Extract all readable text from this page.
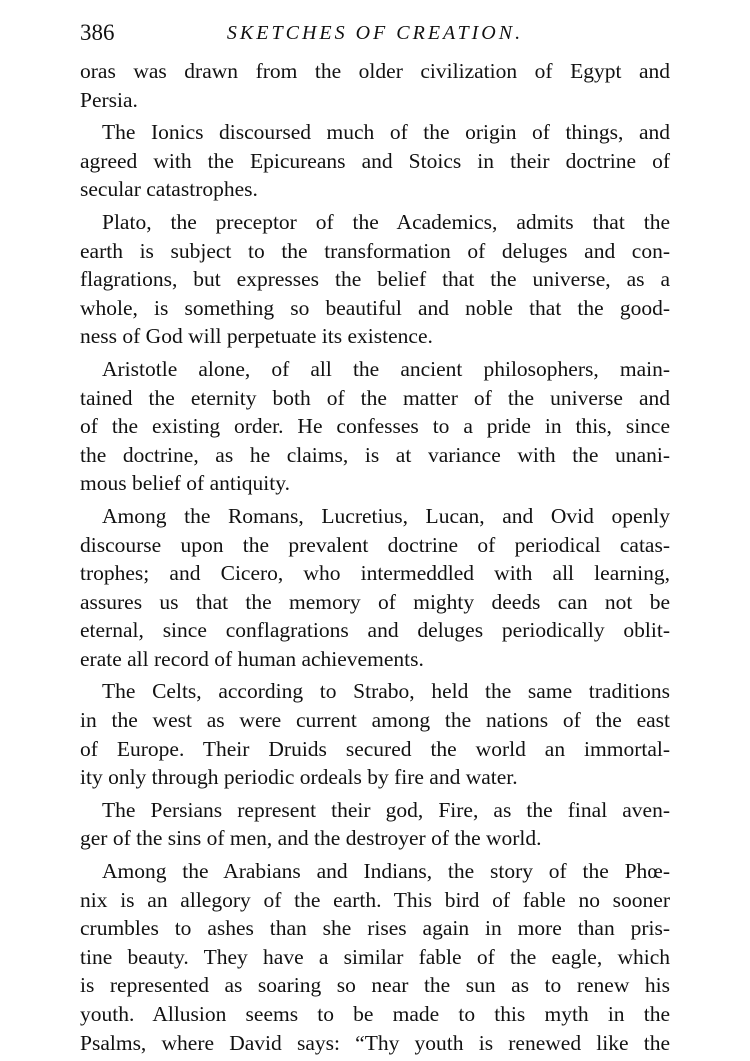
386	SKETCHES OF CREATION.
oras was drawn from the older civilization of Egypt and
Persia.
The Ionics discoursed much of the origin of things, and
agreed with the Epicureans and Stoics in their doctrine of
secular catastrophes.
Plato, the preceptor of the Academics, admits that the
earth is subject to the transformation of deluges and con-
flagrations, but expresses the belief that the universe, as a
whole, is something so beautiful and noble that the good-
ness of God will perpetuate its existence.
Aristotle alone, of all the ancient philosophers, main-
tained the eternity both of the matter of the universe and
of the existing order. He confesses to a pride in this, since
the doctrine, as he claims, is at variance with the unani-
mous belief of antiquity.
Among the Romans, Lucretius, Lucan, and Ovid openly
discourse upon the prevalent doctrine of periodical catas-
trophes; and Cicero, who intermeddled with all learning,
assures us that the memory of mighty deeds can not be
eternal, since conflagrations and deluges periodically oblit-
erate all record of human achievements.
The Celts, according to Strabo, held the same traditions
in the west as were current among the nations of the east
of Europe. Their Druids secured the world an immortal-
ity only through periodic ordeals by fire and water.
The Persians represent their god, Fire, as the final aven-
ger of the sins of men, and the destroyer of the world.
Among the Arabians and Indians, the story of the Phœ-
nix is an allegory of the earth. This bird of fable no sooner
crumbles to ashes than she rises again in more than pris-
tine beauty. They have a similar fable of the eagle, which
is represented as soaring so near the sun as to renew his
youth. Allusion seems to be made to this myth in the
Psalms, where David says: “Thy youth is renewed like the
